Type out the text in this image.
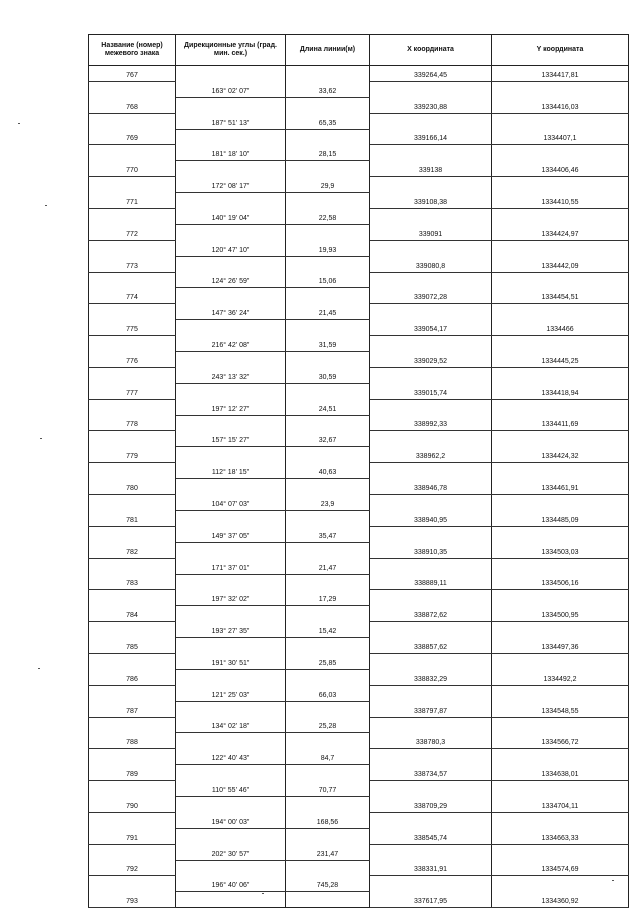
Название (номер) межевого знака	Дирекционные углы (град. мин. сек.)	Длина линии(м)	X координата	Y координата
767			339264,45	1334417,81
	163° 02' 07"	33,62		
768			339230,88	1334416,03
	187° 51' 13"	65,35		
769			339166,14	1334407,1
	181° 18' 10"	28,15		
770			339138	1334406,46
	172° 08' 17"	29,9		
771			339108,38	1334410,55
	140° 19' 04"	22,58		
772			339091	1334424,97
	120° 47' 10"	19,93		
773			339080,8	1334442,09
	124° 26' 59"	15,06		
774			339072,28	1334454,51
	147° 36' 24"	21,45		
775			339054,17	1334466
	216° 42' 08"	31,59		
776			339029,52	1334445,25
	243° 13' 32"	30,59		
777			339015,74	1334418,94
	197° 12' 27"	24,51		
778			338992,33	1334411,69
	157° 15' 27"	32,67		
779			338962,2	1334424,32
	112° 18' 15"	40,63		
780			338946,78	1334461,91
	104° 07' 03"	23,9		
781			338940,95	1334485,09
	149° 37' 05"	35,47		
782			338910,35	1334503,03
	171° 37' 01"	21,47		
783			338889,11	1334506,16
	197° 32' 02"	17,29		
784			338872,62	1334500,95
	193° 27' 35"	15,42		
785			338857,62	1334497,36
	191° 30' 51"	25,85		
786			338832,29	1334492,2
	121° 25' 03"	66,03		
787			338797,87	1334548,55
	134° 02' 18"	25,28		
788			338780,3	1334566,72
	122° 40' 43"	84,7		
789			338734,57	1334638,01
	110° 55' 46"	70,77		
790			338709,29	1334704,11
	194° 00' 03"	168,56		
791			338545,74	1334663,33
	202° 30' 57"	231,47		
792			338331,91	1334574,69
	196° 40' 06"	745,28		
793			337617,95	1334360,92
